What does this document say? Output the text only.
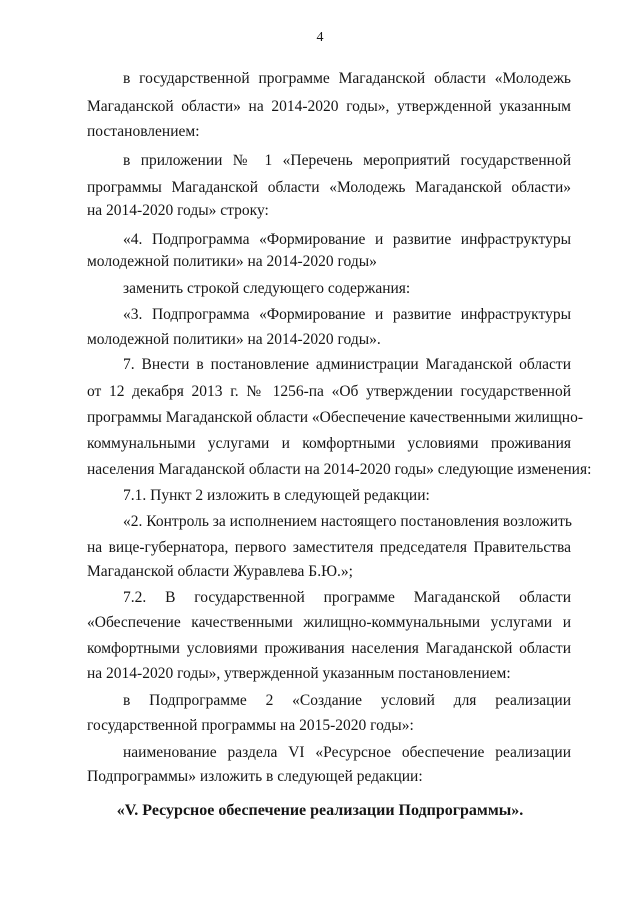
4
в государственной программе Магаданской области «Молодежь
Магаданской области» на 2014-2020 годы», утвержденной указанным
постановлением:
в приложении № 1 «Перечень мероприятий государственной
программы Магаданской области «Молодежь Магаданской области»
на 2014-2020 годы» строку:
«4. Подпрограмма «Формирование и развитие инфраструктуры
молодежной политики» на 2014-2020 годы»
заменить строкой следующего содержания:
«3. Подпрограмма «Формирование и развитие инфраструктуры
молодежной политики» на 2014-2020 годы».
7. Внести в постановление администрации Магаданской области
от 12 декабря 2013 г. № 1256-па «Об утверждении государственной
программы Магаданской области «Обеспечение качественными жилищно-
коммунальными услугами и комфортными условиями проживания
населения Магаданской области на 2014-2020 годы» следующие изменения:
7.1. Пункт 2 изложить в следующей редакции:
«2. Контроль за исполнением настоящего постановления возложить
на вице-губернатора, первого заместителя председателя Правительства
Магаданской области Журавлева Б.Ю.»;
7.2. В государственной программе Магаданской области
«Обеспечение качественными жилищно-коммунальными услугами и
комфортными условиями проживания населения Магаданской области
на 2014-2020 годы», утвержденной указанным постановлением:
в Подпрограмме 2 «Создание условий для реализации
государственной программы на 2015-2020 годы»:
наименование раздела VI «Ресурсное обеспечение реализации
Подпрограммы» изложить в следующей редакции:
«V. Ресурсное обеспечение реализации Подпрограммы».
